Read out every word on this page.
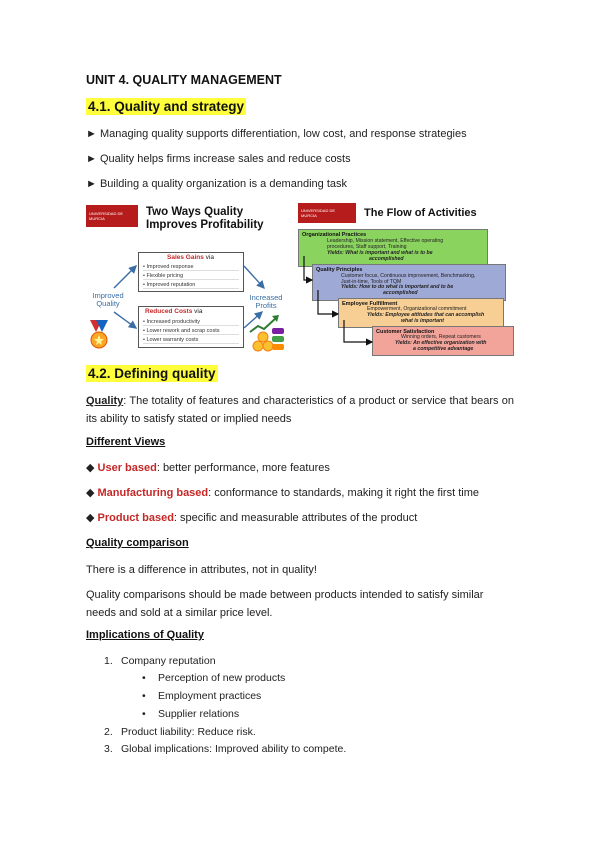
UNIT 4. QUALITY MANAGEMENT
4.1. Quality and strategy
► Managing quality supports differentiation, low cost, and response strategies
► Quality helps firms increase sales and reduce costs
► Building a quality organization is a demanding task
UNIVERSIDAD DE MURCIA	Two Ways Quality
Improves Profitability
Sales Gains via
• Improved response
• Flexible pricing
• Improved reputation
Reduced Costs via
• Increased productivity
• Lower rework and scrap costs
• Lower warranty costs
Improved Quality
Increased Profits
UNIVERSIDAD DE MURCIA	The Flow of Activities
Organizational Practices
Leadership, Mission statement, Effective operating
procedures, Staff support, Training
Yields: What is important and what is to be
accomplished
Quality Principles
Customer focus, Continuous improvement, Benchmarking,
Just-in-time, Tools of TQM
Yields: How to do what is important and to be
accomplished
Employee Fulfillment
Empowerment, Organizational commitment
Yields: Employee attitudes that can accomplish
what is important
Customer Satisfaction
Winning orders, Repeat customers
Yields: An effective organization with
a competitive advantage
4.2. Defining quality
Quality: The totality of features and characteristics of a product or service that bears on its ability to satisfy stated or implied needs
Different Views
◆ User based: better performance, more features
◆ Manufacturing based: conformance to standards, making it right the first time
◆ Product based: specific and measurable attributes of the product
Quality comparison
There is a difference in attributes, not in quality!
Quality comparisons should be made between products intended to satisfy similar needs and sold at a similar price level.
Implications of Quality
1. Company reputation
• Perception of new products
• Employment practices
• Supplier relations
2. Product liability: Reduce risk.
3. Global implications: Improved ability to compete.
